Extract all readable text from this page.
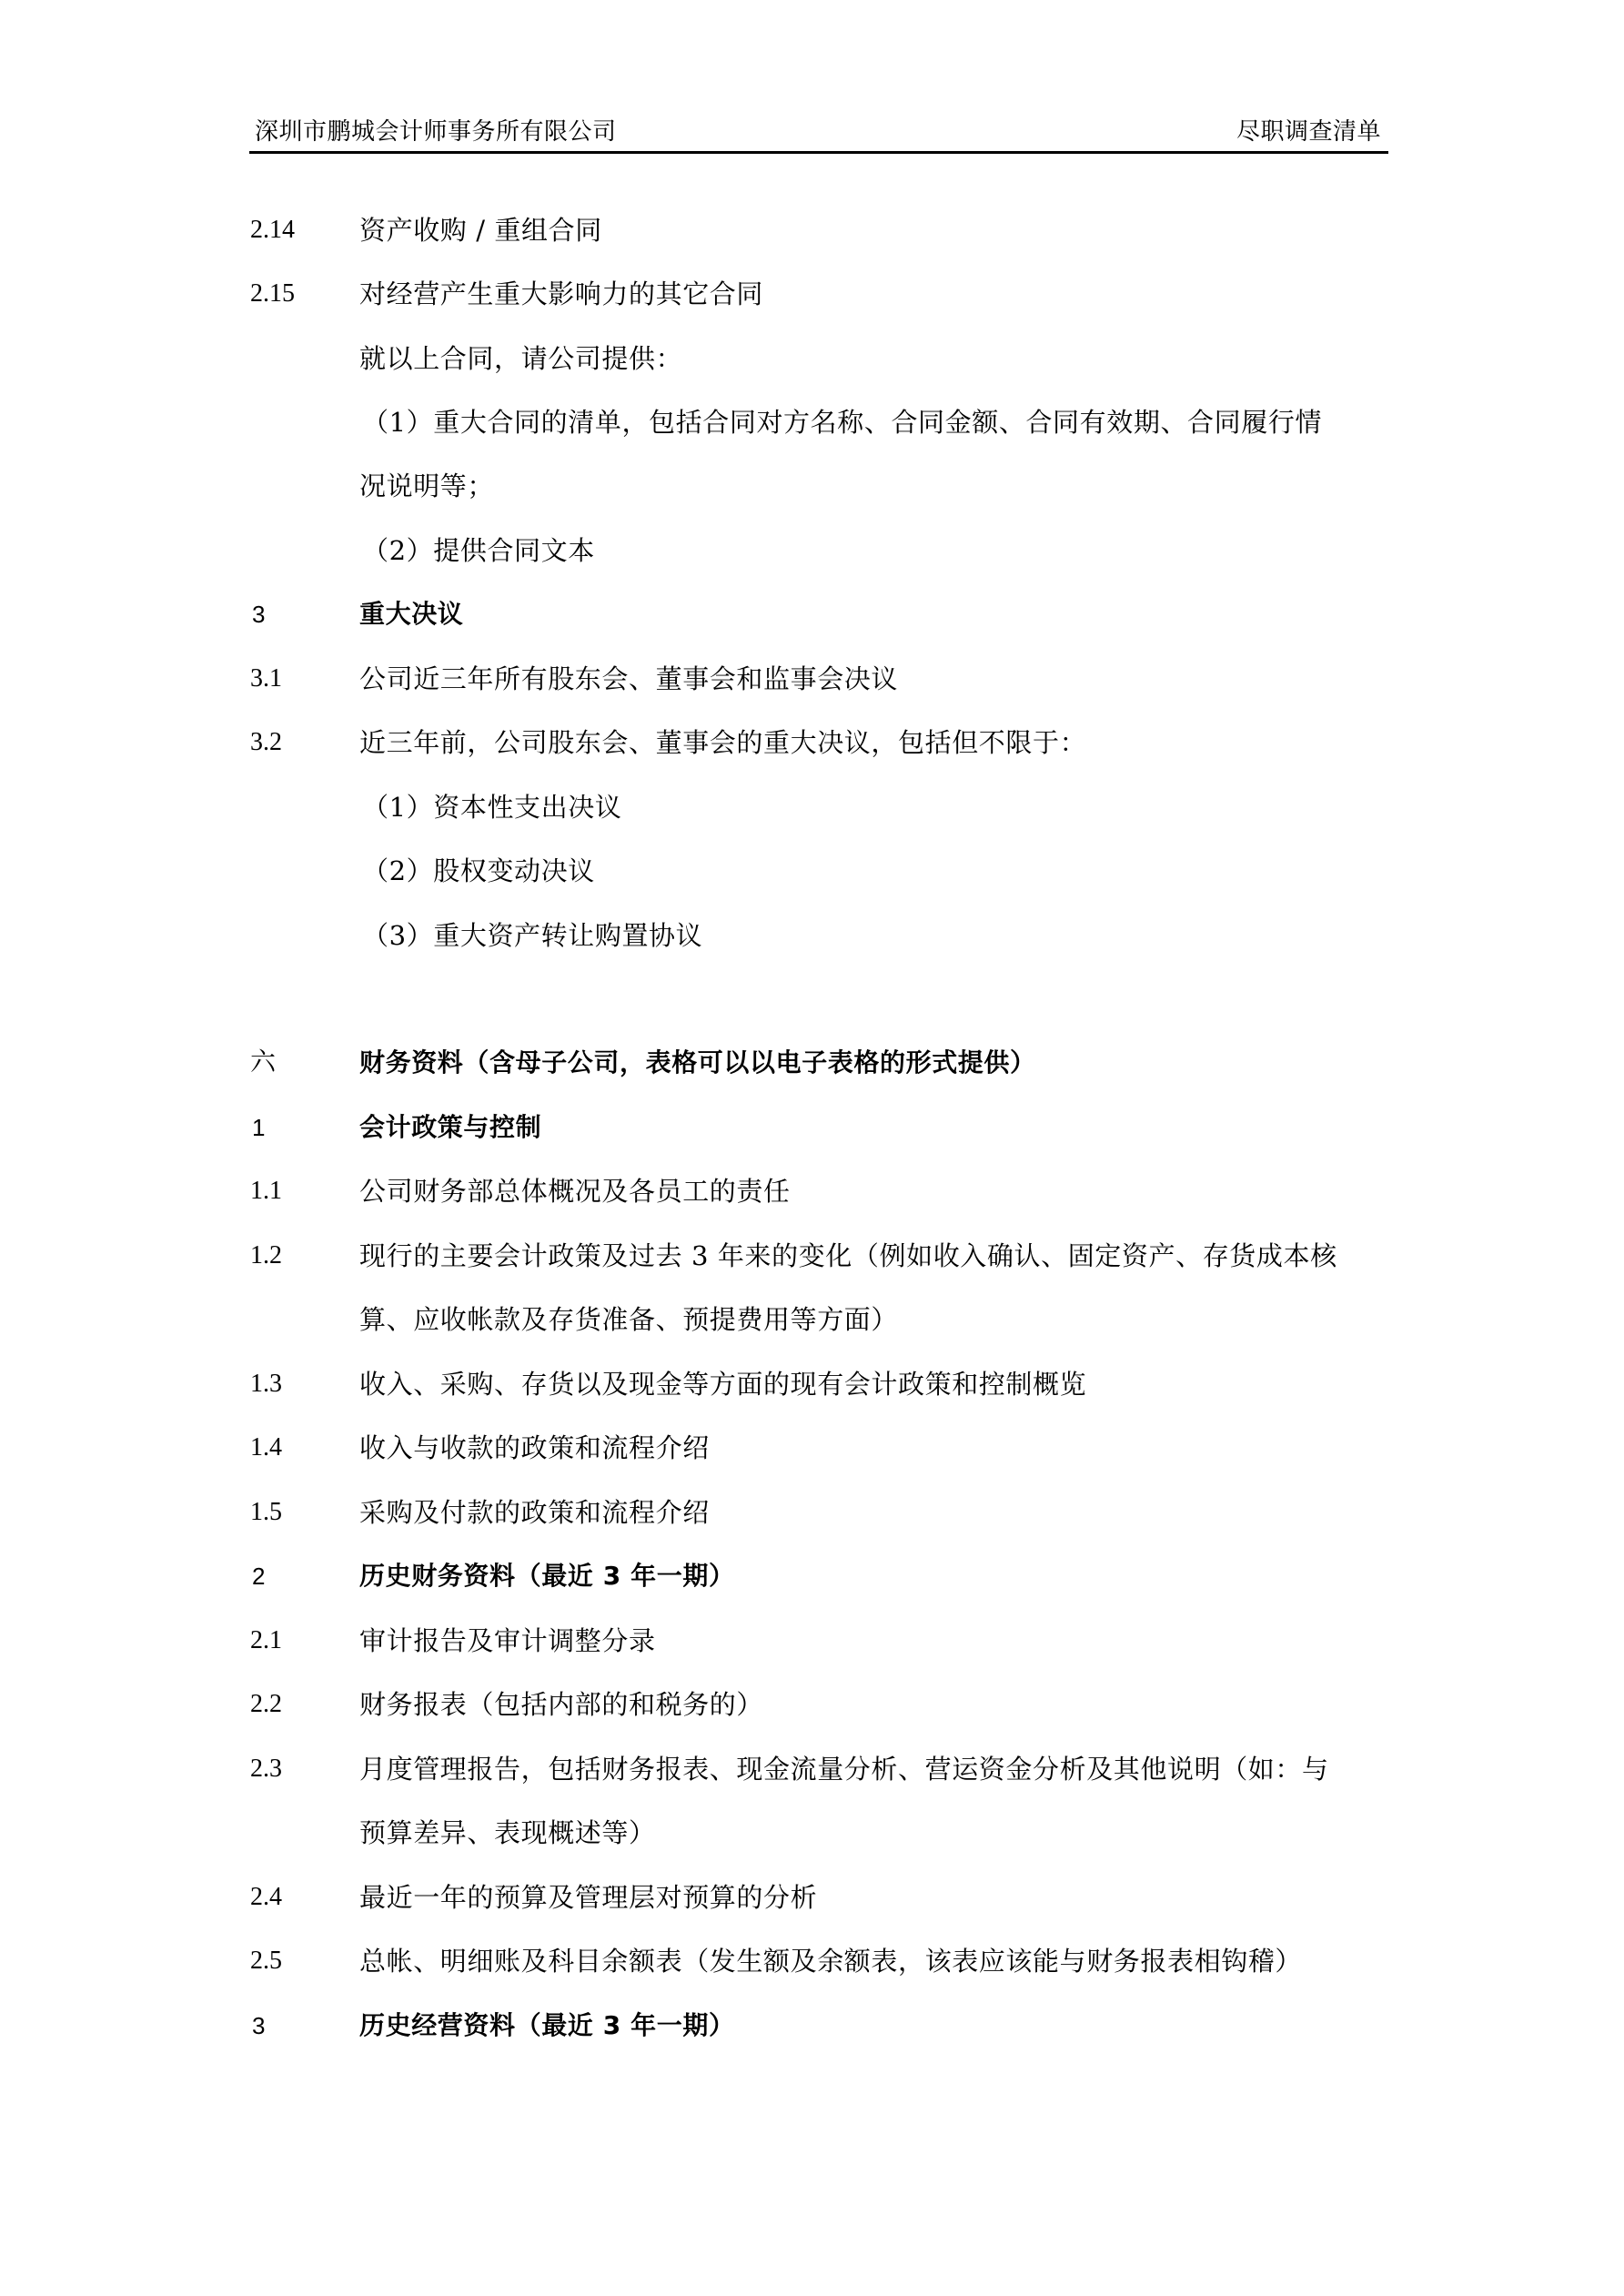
深圳市鹏城会计师事务所有限公司	尽职调查清单
2.14 资产收购 / 重组合同
2.15 对经营产生重大影响力的其它合同
就以上合同，请公司提供：
（1）重大合同的清单，包括合同对方名称、合同金额、合同有效期、合同履行情
况说明等；
（2）提供合同文本
3	重大决议
3.1	公司近三年所有股东会、董事会和监事会决议
3.2	近三年前，公司股东会、董事会的重大决议，包括但不限于：
（1）资本性支出决议
（2）股权变动决议
（3）重大资产转让购置协议
六	财务资料（含母子公司，表格可以以电子表格的形式提供）
1	会计政策与控制
1.1	公司财务部总体概况及各员工的责任
1.2	现行的主要会计政策及过去 3 年来的变化（例如收入确认、固定资产、存货成本核
算、应收帐款及存货准备、预提费用等方面）
1.3	收入、采购、存货以及现金等方面的现有会计政策和控制概览
1.4	收入与收款的政策和流程介绍
1.5	采购及付款的政策和流程介绍
2	历史财务资料（最近 3 年一期）
2.1	审计报告及审计调整分录
2.2	财务报表（包括内部的和税务的）
2.3	月度管理报告，包括财务报表、现金流量分析、营运资金分析及其他说明（如：与
预算差异、表现概述等）
2.4	最近一年的预算及管理层对预算的分析
2.5	总帐、明细账及科目余额表（发生额及余额表，该表应该能与财务报表相钩稽）
3	历史经营资料（最近 3 年一期）
